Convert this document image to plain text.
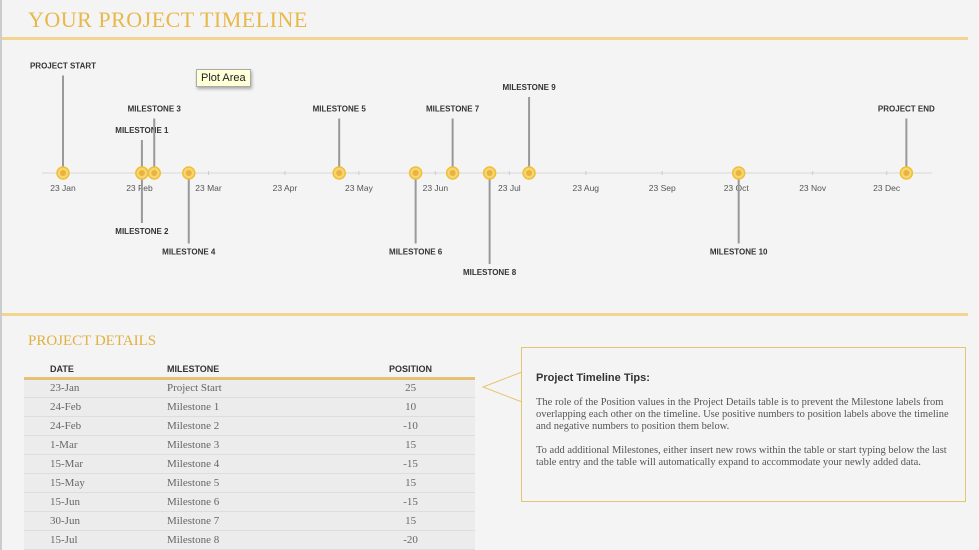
YOUR PROJECT TIMELINE
23 Jan	23 Feb	23 Mar	23 Apr	23 May	23 Jun	23 Jul	23 Aug	23 Sep	23 Oct	23 Nov	23 Dec
PROJECT START
MILESTONE 1
MILESTONE 2
MILESTONE 3
MILESTONE 4
MILESTONE 5
MILESTONE 6
MILESTONE 7
MILESTONE 8
MILESTONE 9
MILESTONE 10
PROJECT END
Plot Area
PROJECT DETAILS
DATE	MILESTONE	POSITION
23-Jan	Project Start	25
24-Feb	Milestone 1	10
24-Feb	Milestone 2	-10
1-Mar	Milestone 3	15
15-Mar	Milestone 4	-15
15-May	Milestone 5	15
15-Jun	Milestone 6	-15
30-Jun	Milestone 7	15
15-Jul	Milestone 8	-20
Project Timeline Tips:

The role of the Position values in the Project Details table is to prevent the Milestone labels from overlapping each other on the timeline. Use positive numbers to position labels above the timeline and negative numbers to position them below.

To add additional Milestones, either insert new rows within the table or start typing below the last table entry and the table will automatically expand to accommodate your newly added data.
